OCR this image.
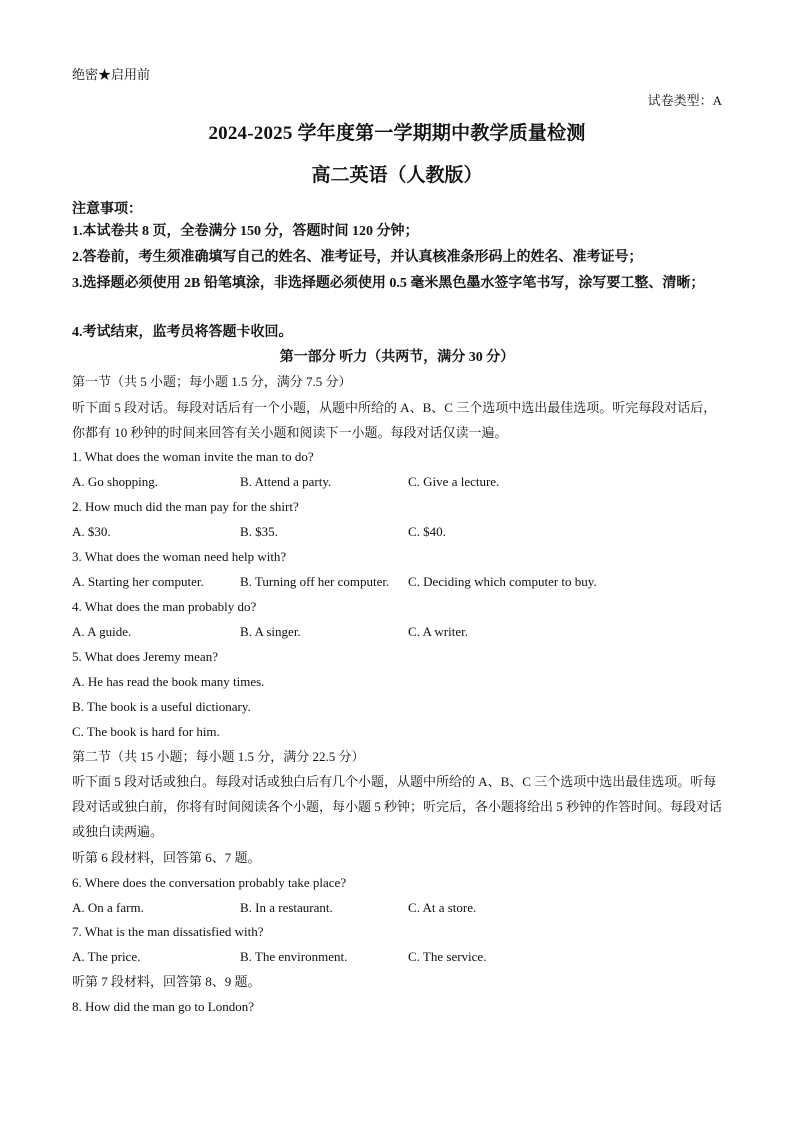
绝密★启用前
试卷类型：A
2024-2025 学年度第一学期期中教学质量检测
高二英语（人教版）
注意事项：
1.本试卷共 8 页，全卷满分 150 分，答题时间 120 分钟；
2.答卷前，考生须准确填写自己的姓名、准考证号，并认真核准条形码上的姓名、准考证号；
3.选择题必须使用 2B 铅笔填涂，非选择题必须使用 0.5 毫米黑色墨水签字笔书写，涂写要工整、清晰；
4.考试结束，监考员将答题卡收回。
第一部分 听力（共两节，满分 30 分）
第一节（共 5 小题；每小题 1.5 分，满分 7.5 分）
听下面 5 段对话。每段对话后有一个小题，从题中所给的 A、B、C 三个选项中选出最佳选项。听完每段对话后，你都有 10 秒钟的时间来回答有关小题和阅读下一小题。每段对话仅读一遍。
1. What does the woman invite the man to do?
A. Go shopping.	B. Attend a party.	C. Give a lecture.
2. How much did the man pay for the shirt?
A. $30.	B. $35.	C. $40.
3. What does the woman need help with?
A. Starting her computer.	B. Turning off her computer. C. Deciding which computer to buy.
4. What does the man probably do?
A. A guide.	B. A singer.	C. A writer.
5. What does Jeremy mean?
A. He has read the book many times.
B. The book is a useful dictionary.
C. The book is hard for him.
第二节（共 15 小题；每小题 1.5 分，满分 22.5 分）
听下面 5 段对话或独白。每段对话或独白后有几个小题，从题中所给的 A、B、C 三个选项中选出最佳选项。听每段对话或独白前，你将有时间阅读各个小题，每小题 5 秒钟；听完后，各小题将给出 5 秒钟的作答时间。每段对话或独白读两遍。
听第 6 段材料，回答第 6、7 题。
6. Where does the conversation probably take place?
A. On a farm.	B. In a restaurant.	C. At a store.
7. What is the man dissatisfied with?
A. The price.	B. The environment.	C. The service.
听第 7 段材料，回答第 8、9 题。
8. How did the man go to London?
